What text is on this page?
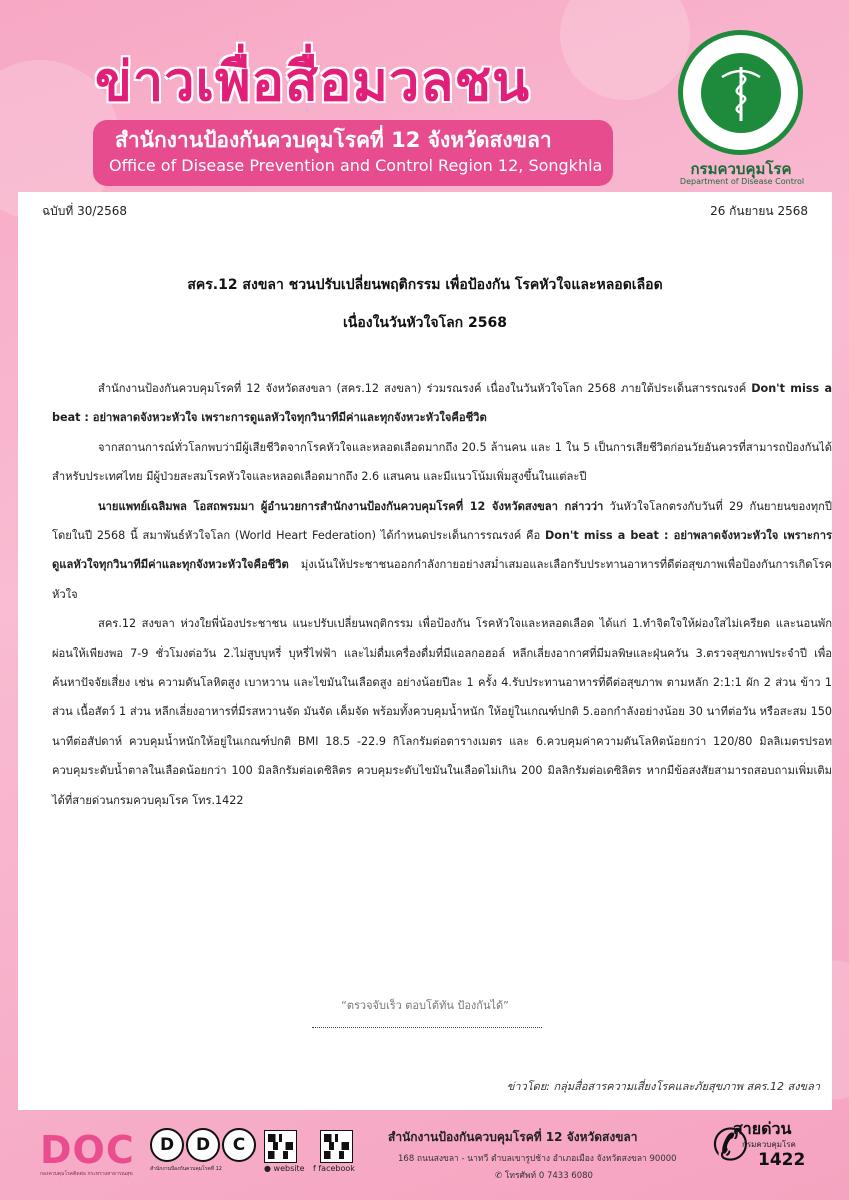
ข่าวเพื่อสื่อมวลชน
สำนักงานป้องกันควบคุมโรคที่ 12 จังหวัดสงขลา
Office of Disease Prevention and Control Region 12, Songkhla	กรมควบคุมโรค
Department of Disease Control
ฉบับที่ 30/2568	26 กันยายน 2568
สคร.12 สงขลา ชวนปรับเปลี่ยนพฤติกรรม เพื่อป้องกัน โรคหัวใจและหลอดเลือด
เนื่องในวันหัวใจโลก 2568

สำนักงานป้องกันควบคุมโรคที่ 12 จังหวัดสงขลา (สคร.12 สงขลา) ร่วมรณรงค์ เนื่องในวันหัวใจโลก 2568 ภายใต้ประเด็นสารรณรงค์ Don't miss a beat : อย่าพลาดจังหวะหัวใจ เพราะการดูแลหัวใจทุกวินาทีมีค่าและทุกจังหวะหัวใจคือชีวิต

จากสถานการณ์ทั่วโลกพบว่ามีผู้เสียชีวิตจากโรคหัวใจและหลอดเลือดมากถึง 20.5 ล้านคน และ 1 ใน 5 เป็นการเสียชีวิตก่อนวัยอันควรที่สามารถป้องกันได้ สำหรับประเทศไทย มีผู้ป่วยสะสมโรคหัวใจและหลอดเลือดมากถึง 2.6 แสนคน และมีแนวโน้มเพิ่มสูงขึ้นในแต่ละปี

นายแพทย์เฉลิมพล โอสถพรมมา ผู้อำนวยการสำนักงานป้องกันควบคุมโรคที่ 12 จังหวัดสงขลา กล่าวว่า วันหัวใจโลกตรงกับวันที่ 29 กันยายนของทุกปี โดยในปี 2568 นี้ สมาพันธ์หัวใจโลก (World Heart Federation) ได้กำหนดประเด็นการรณรงค์ คือ Don't miss a beat : อย่าพลาดจังหวะหัวใจ เพราะการดูแลหัวใจทุกวินาทีมีค่าและทุกจังหวะหัวใจคือชีวิต มุ่งเน้นให้ประชาชนออกกำลังกายอย่างสม่ำเสมอและเลือกรับประทานอาหารที่ดีต่อสุขภาพเพื่อป้องกันการเกิดโรคหัวใจ

สคร.12 สงขลา ห่วงใยพี่น้องประชาชน แนะปรับเปลี่ยนพฤติกรรม เพื่อป้องกัน โรคหัวใจและหลอดเลือด ได้แก่ 1.ทำจิตใจให้ผ่องใสไม่เครียด และนอนพักผ่อนให้เพียงพอ 7-9 ชั่วโมงต่อวัน 2.ไม่สูบบุหรี่ บุหรี่ไฟฟ้า และไม่ดื่มเครื่องดื่มที่มีแอลกอฮอล์ หลีกเลี่ยงอากาศที่มีมลพิษและฝุ่นควัน 3.ตรวจสุขภาพประจำปี เพื่อค้นหาปัจจัยเสี่ยง เช่น ความดันโลหิตสูง เบาหวาน และไขมันในเลือดสูง อย่างน้อยปีละ 1 ครั้ง 4.รับประทานอาหารที่ดีต่อสุขภาพ ตามหลัก 2:1:1 ผัก 2 ส่วน ข้าว 1 ส่วน เนื้อสัตว์ 1 ส่วน หลีกเลี่ยงอาหารที่มีรสหวานจัด มันจัด เค็มจัด พร้อมทั้งควบคุมน้ำหนัก ให้อยู่ในเกณฑ์ปกติ 5.ออกกำลังอย่างน้อย 30 นาทีต่อวัน หรือสะสม 150 นาทีต่อสัปดาห์ ควบคุมน้ำหนักให้อยู่ในเกณฑ์ปกติ BMI 18.5 -22.9 กิโลกรัมต่อตารางเมตร และ 6.ควบคุมค่าความดันโลหิตน้อยกว่า 120/80 มิลลิเมตรปรอท ควบคุมระดับน้ำตาลในเลือดน้อยกว่า 100 มิลลิกรัมต่อเดซิลิตร ควบคุมระดับไขมันในเลือดไม่เกิน 200 มิลลิกรัมต่อเดซิลิตร หากมีข้อสงสัยสามารถสอบถามเพิ่มเติมได้ที่สายด่วนกรมควบคุมโรค โทร.1422

“ตรวจจับเร็ว ตอบโต้ทัน ป้องกันได้”
ข่าวโดย: กลุ่มสื่อสารความเสี่ยงโรคและภัยสุขภาพ สคร.12 สงขลา
DOC
กองควบคุมโรคติดต่อ กระทรวงสาธารณสุข
D	D	C
สำนักงานป้องกันควบคุมโรคที่ 12	● website f facebook
สำนักงานป้องกันควบคุมโรคที่ 12 จังหวัดสงขลา
168 ถนนสงขลา - นาทวี ตำบลเขารูปช้าง อำเภอเมือง จังหวัดสงขลา 90000
✆ โทรศัพท์ 0 7433 6080
✆
สายด่วน
กรมควบคุมโรค
1422
